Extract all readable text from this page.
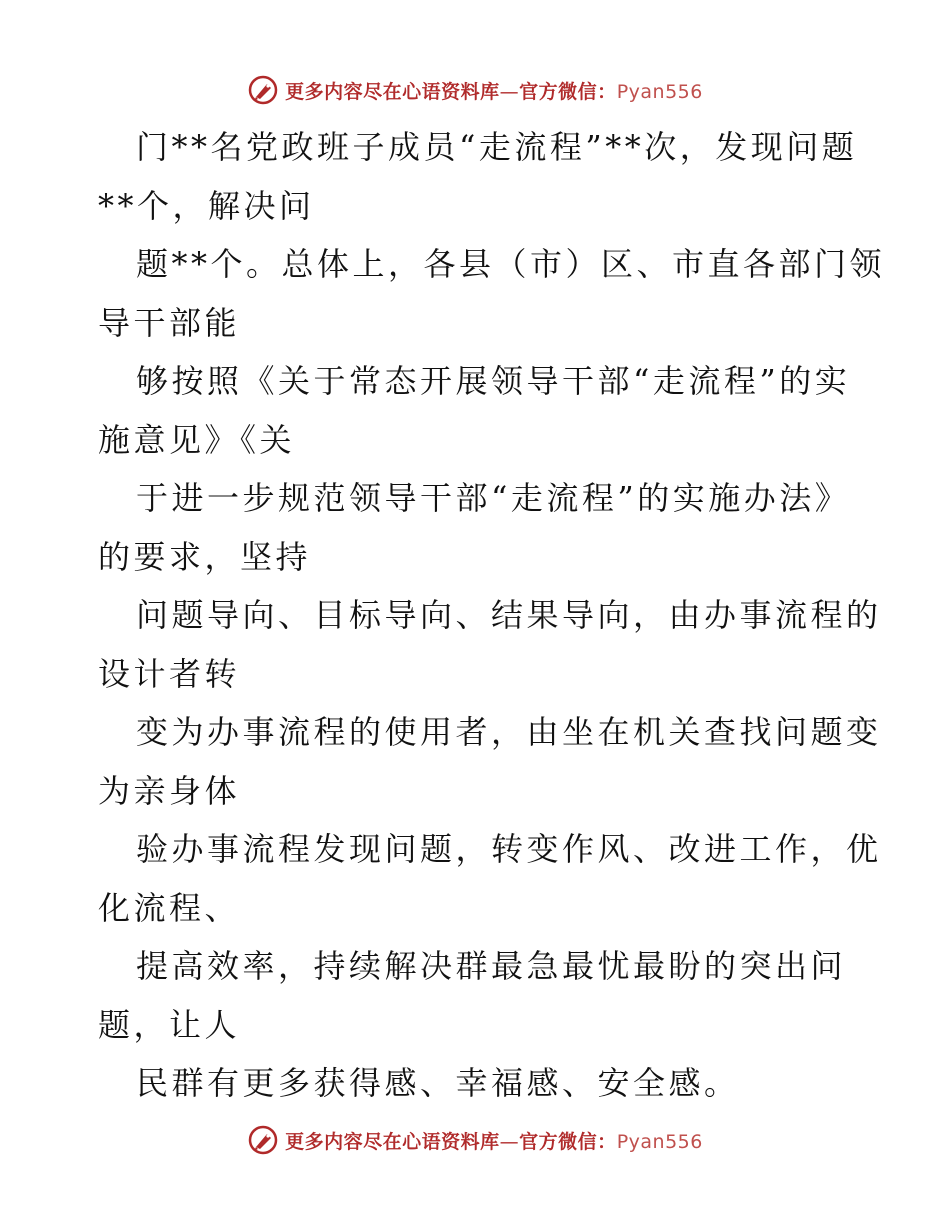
更多内容尽在心语资料库—官方微信：Pyan556
门**名党政班子成员“走流程”**次，发现问题
**个，解决问
题**个。总体上，各县（市）区、市直各部门领
导干部能
够按照《关于常态开展领导干部“走流程”的实
施意见》《关
于进一步规范领导干部“走流程”的实施办法》
的要求，坚持
问题导向、目标导向、结果导向，由办事流程的
设计者转
变为办事流程的使用者，由坐在机关查找问题变
为亲身体
验办事流程发现问题，转变作风、改进工作，优
化流程、
提高效率，持续解决群最急最忧最盼的突出问
题，让人
民群有更多获得感、幸福感、安全感。
更多内容尽在心语资料库—官方微信：Pyan556
